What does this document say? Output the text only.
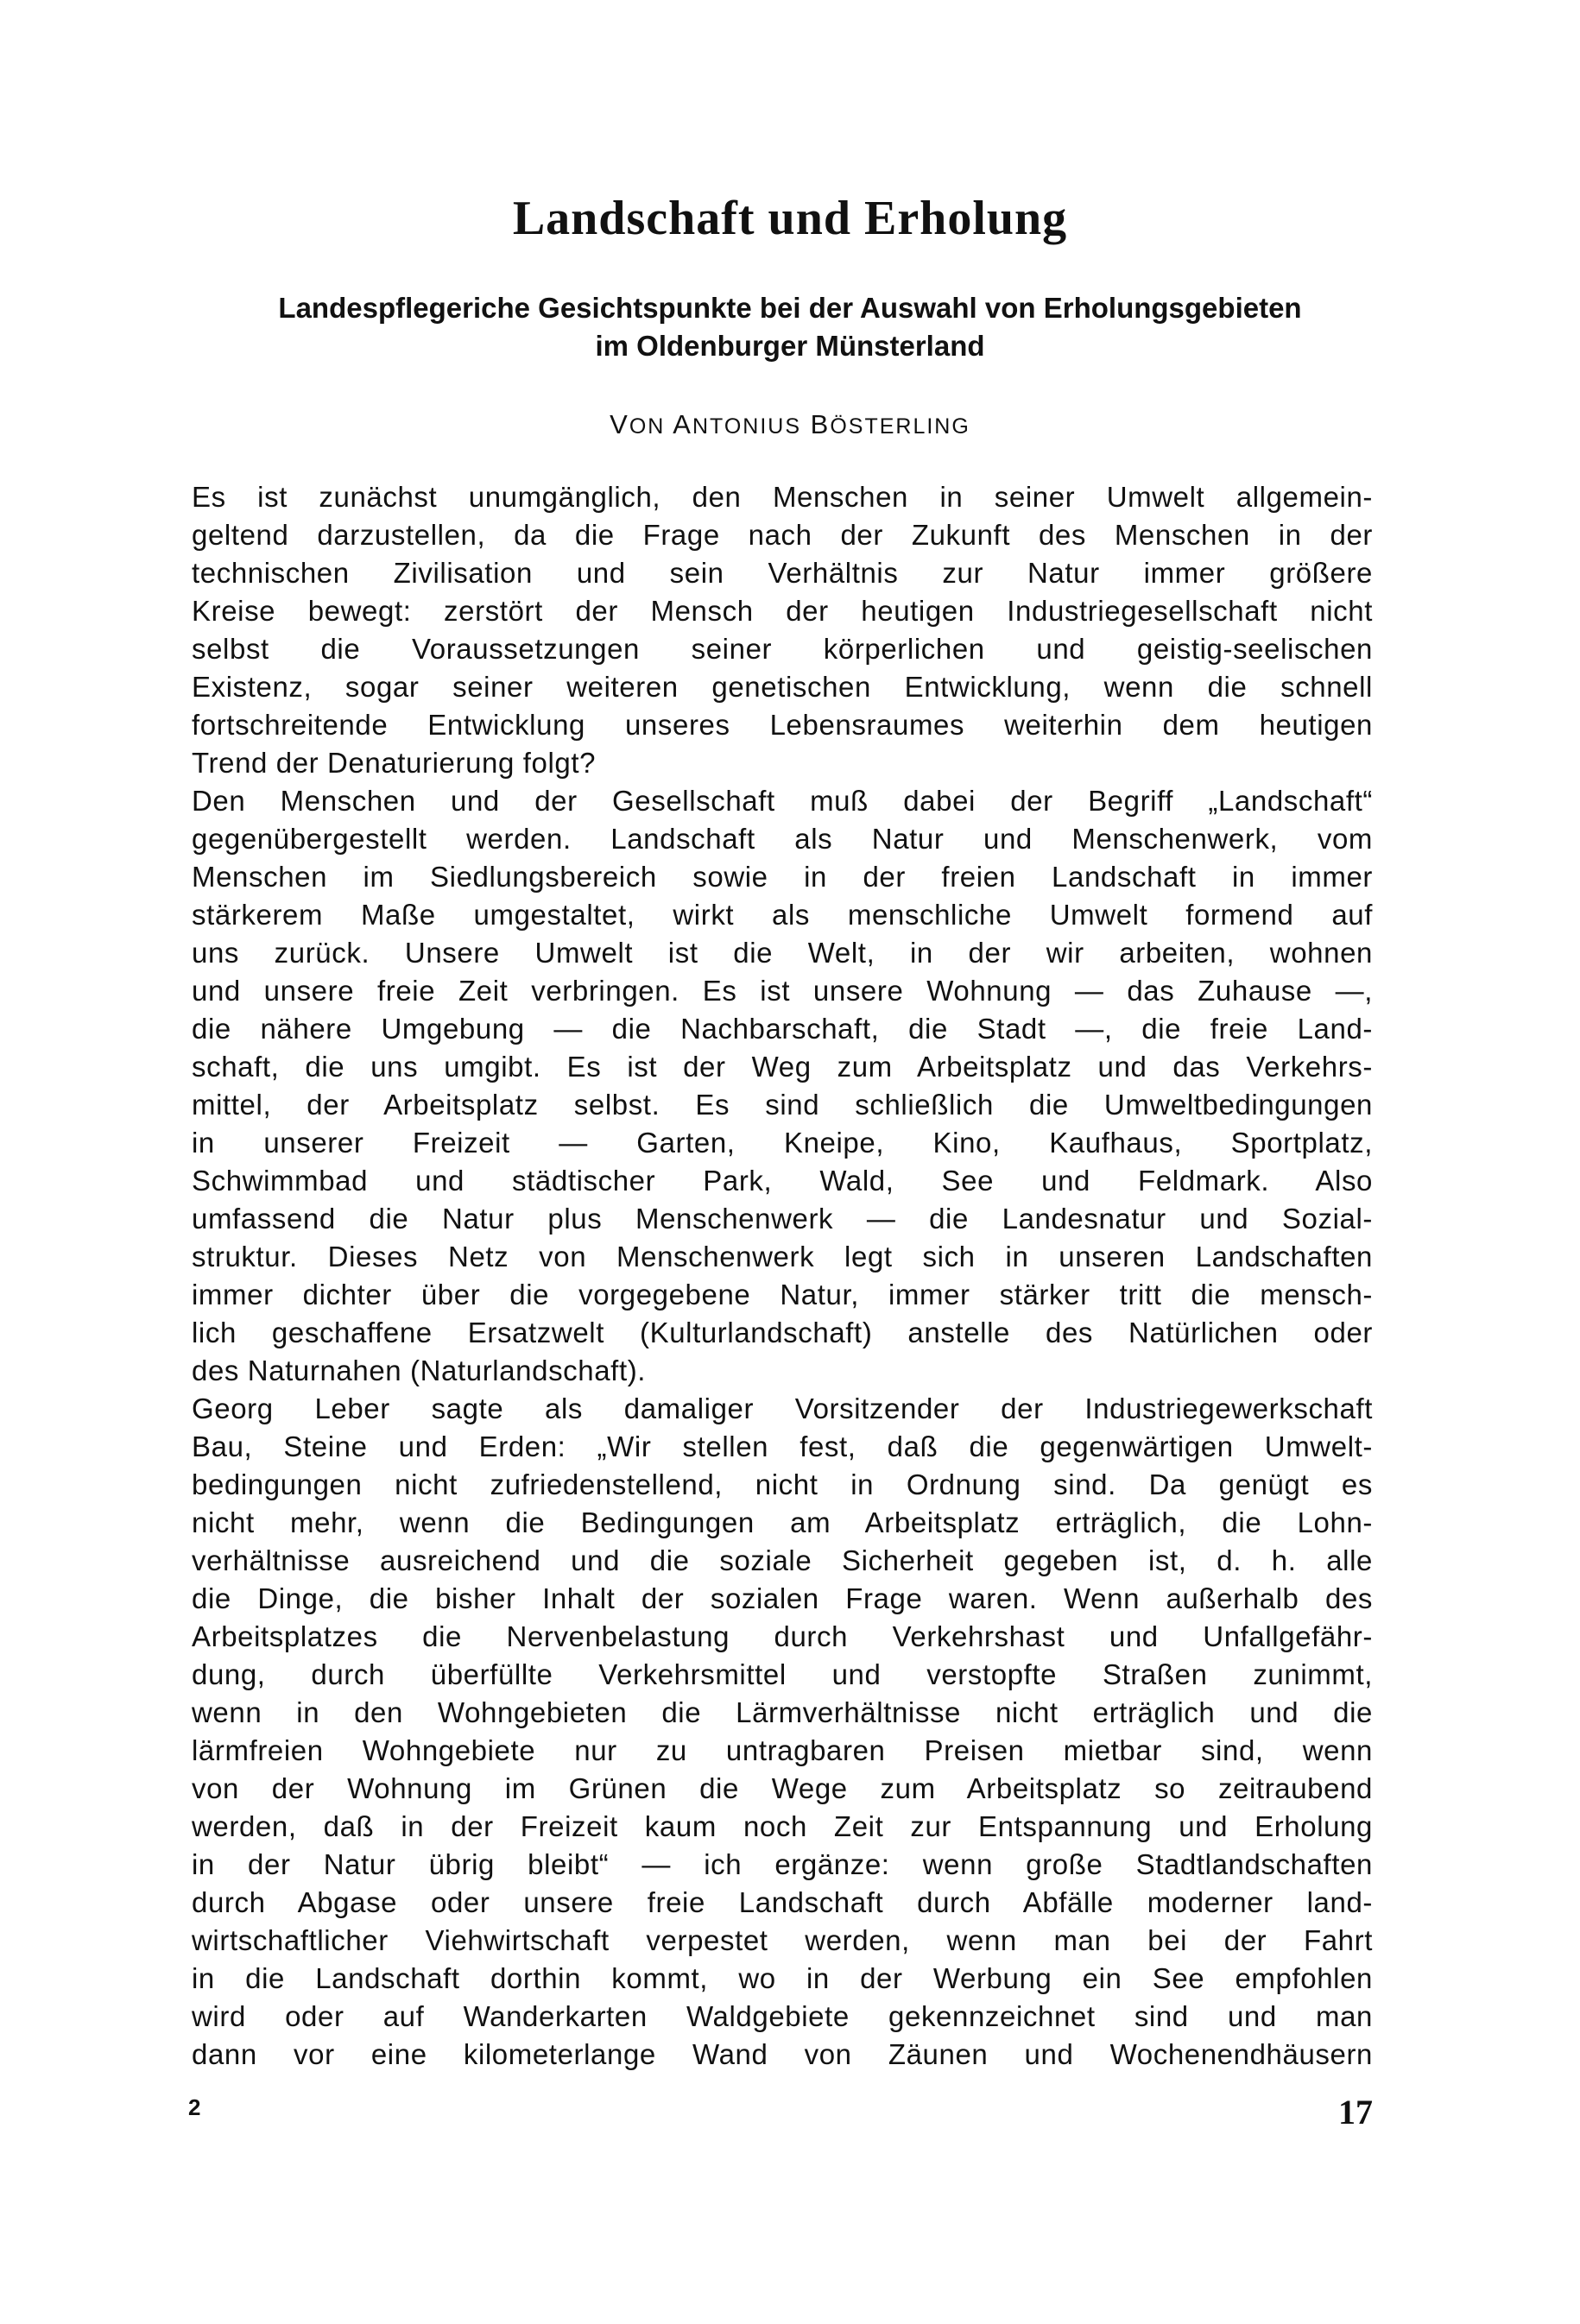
Landschaft und Erholung
Landespflegeriche Gesichtspunkte bei der Auswahl von Erholungsgebieten
im Oldenburger Münsterland
VON ANTONIUS BÖSTERLING
Es ist zunächst unumgänglich, den Menschen in seiner Umwelt allgemein-
geltend darzustellen, da die Frage nach der Zukunft des Menschen in der
technischen Zivilisation und sein Verhältnis zur Natur immer größere
Kreise bewegt: zerstört der Mensch der heutigen Industriegesellschaft nicht
selbst die Voraussetzungen seiner körperlichen und geistig-seelischen
Existenz, sogar seiner weiteren genetischen Entwicklung, wenn die schnell
fortschreitende Entwicklung unseres Lebensraumes weiterhin dem heutigen
Trend der Denaturierung folgt?
Den Menschen und der Gesellschaft muß dabei der Begriff „Landschaft“
gegenübergestellt werden. Landschaft als Natur und Menschenwerk, vom
Menschen im Siedlungsbereich sowie in der freien Landschaft in immer
stärkerem Maße umgestaltet, wirkt als menschliche Umwelt formend auf
uns zurück. Unsere Umwelt ist die Welt, in der wir arbeiten, wohnen
und unsere freie Zeit verbringen. Es ist unsere Wohnung — das Zuhause —,
die nähere Umgebung — die Nachbarschaft, die Stadt —, die freie Land-
schaft, die uns umgibt. Es ist der Weg zum Arbeitsplatz und das Verkehrs-
mittel, der Arbeitsplatz selbst. Es sind schließlich die Umweltbedingungen
in unserer Freizeit — Garten, Kneipe, Kino, Kaufhaus, Sportplatz,
Schwimmbad und städtischer Park, Wald, See und Feldmark. Also
umfassend die Natur plus Menschenwerk — die Landesnatur und Sozial-
struktur. Dieses Netz von Menschenwerk legt sich in unseren Landschaften
immer dichter über die vorgegebene Natur, immer stärker tritt die mensch-
lich geschaffene Ersatzwelt (Kulturlandschaft) anstelle des Natürlichen oder
des Naturnahen (Naturlandschaft).
Georg Leber sagte als damaliger Vorsitzender der Industriegewerkschaft
Bau, Steine und Erden: „Wir stellen fest, daß die gegenwärtigen Umwelt-
bedingungen nicht zufriedenstellend, nicht in Ordnung sind. Da genügt es
nicht mehr, wenn die Bedingungen am Arbeitsplatz erträglich, die Lohn-
verhältnisse ausreichend und die soziale Sicherheit gegeben ist, d. h. alle
die Dinge, die bisher Inhalt der sozialen Frage waren. Wenn außerhalb des
Arbeitsplatzes die Nervenbelastung durch Verkehrshast und Unfallgefähr-
dung, durch überfüllte Verkehrsmittel und verstopfte Straßen zunimmt,
wenn in den Wohngebieten die Lärmverhältnisse nicht erträglich und die
lärmfreien Wohngebiete nur zu untragbaren Preisen mietbar sind, wenn
von der Wohnung im Grünen die Wege zum Arbeitsplatz so zeitraubend
werden, daß in der Freizeit kaum noch Zeit zur Entspannung und Erholung
in der Natur übrig bleibt“ — ich ergänze: wenn große Stadtlandschaften
durch Abgase oder unsere freie Landschaft durch Abfälle moderner land-
wirtschaftlicher Viehwirtschaft verpestet werden, wenn man bei der Fahrt
in die Landschaft dorthin kommt, wo in der Werbung ein See empfohlen
wird oder auf Wanderkarten Waldgebiete gekennzeichnet sind und man
dann vor eine kilometerlange Wand von Zäunen und Wochenendhäusern
2	17
